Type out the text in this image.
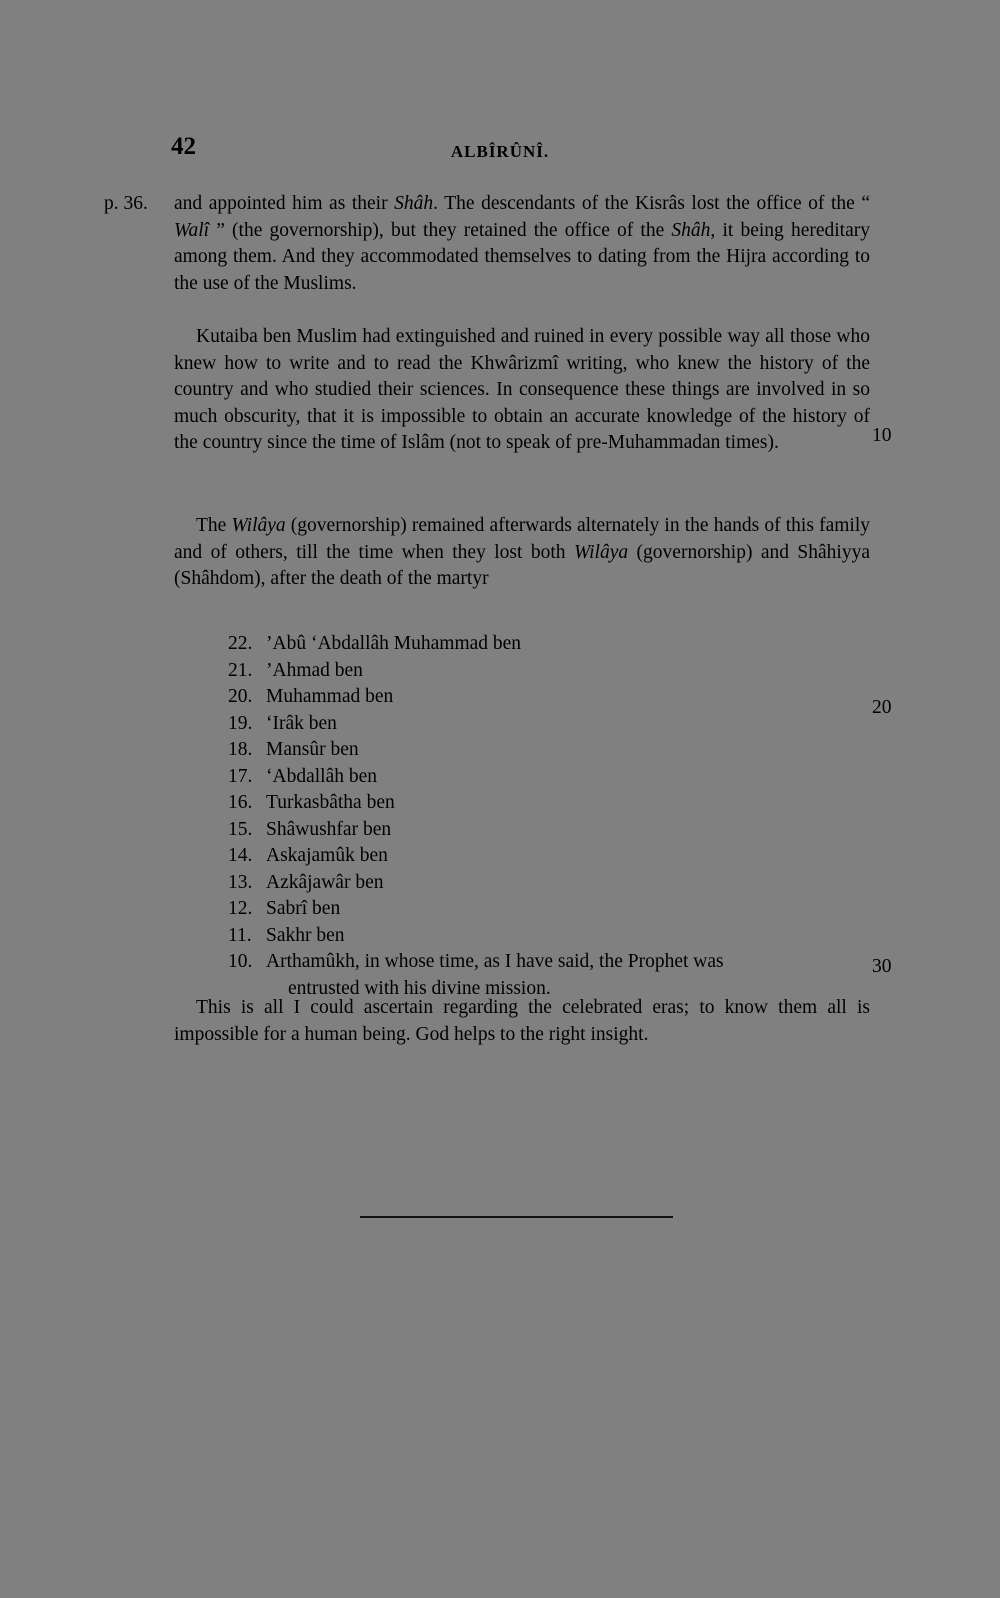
42	ALBÎRÛNÎ.
p. 36.
10
20
30

and appointed him as their Shâh. The descendants of the Kisrâs lost the office of the “ Walî ” (the governorship), but they retained the office of the Shâh, it being hereditary among them. And they accommodated themselves to dating from the Hijra according to the use of the Muslims.

Kutaiba ben Muslim had extinguished and ruined in every possible way all those who knew how to write and to read the Khwârizmî writing, who knew the history of the country and who studied their sciences. In consequence these things are involved in so much obscurity, that it is impossible to obtain an accurate knowledge of the history of the country since the time of Islâm (not to speak of pre-Muhammadan times).

The Wilâya (governorship) remained afterwards alternately in the hands of this family and of others, till the time when they lost both Wilâya (governorship) and Shâhiyya (Shâhdom), after the death of the martyr

22. ’Abû ‘Abdallâh Muhammad ben
21. ’Ahmad ben
20. Muhammad ben
19. ‘Irâk ben
18. Mansûr ben
17. ‘Abdallâh ben
16. Turkasbâtha ben
15. Shâwushfar ben
14. Askajamûk ben
13. Azkâjawâr ben
12. Sabrî ben
11. Sakhr ben
10. Arthamûkh, in whose time, as I have said, the Prophet was
entrusted with his divine mission.

This is all I could ascertain regarding the celebrated eras; to know them all is impossible for a human being. God helps to the right insight.
